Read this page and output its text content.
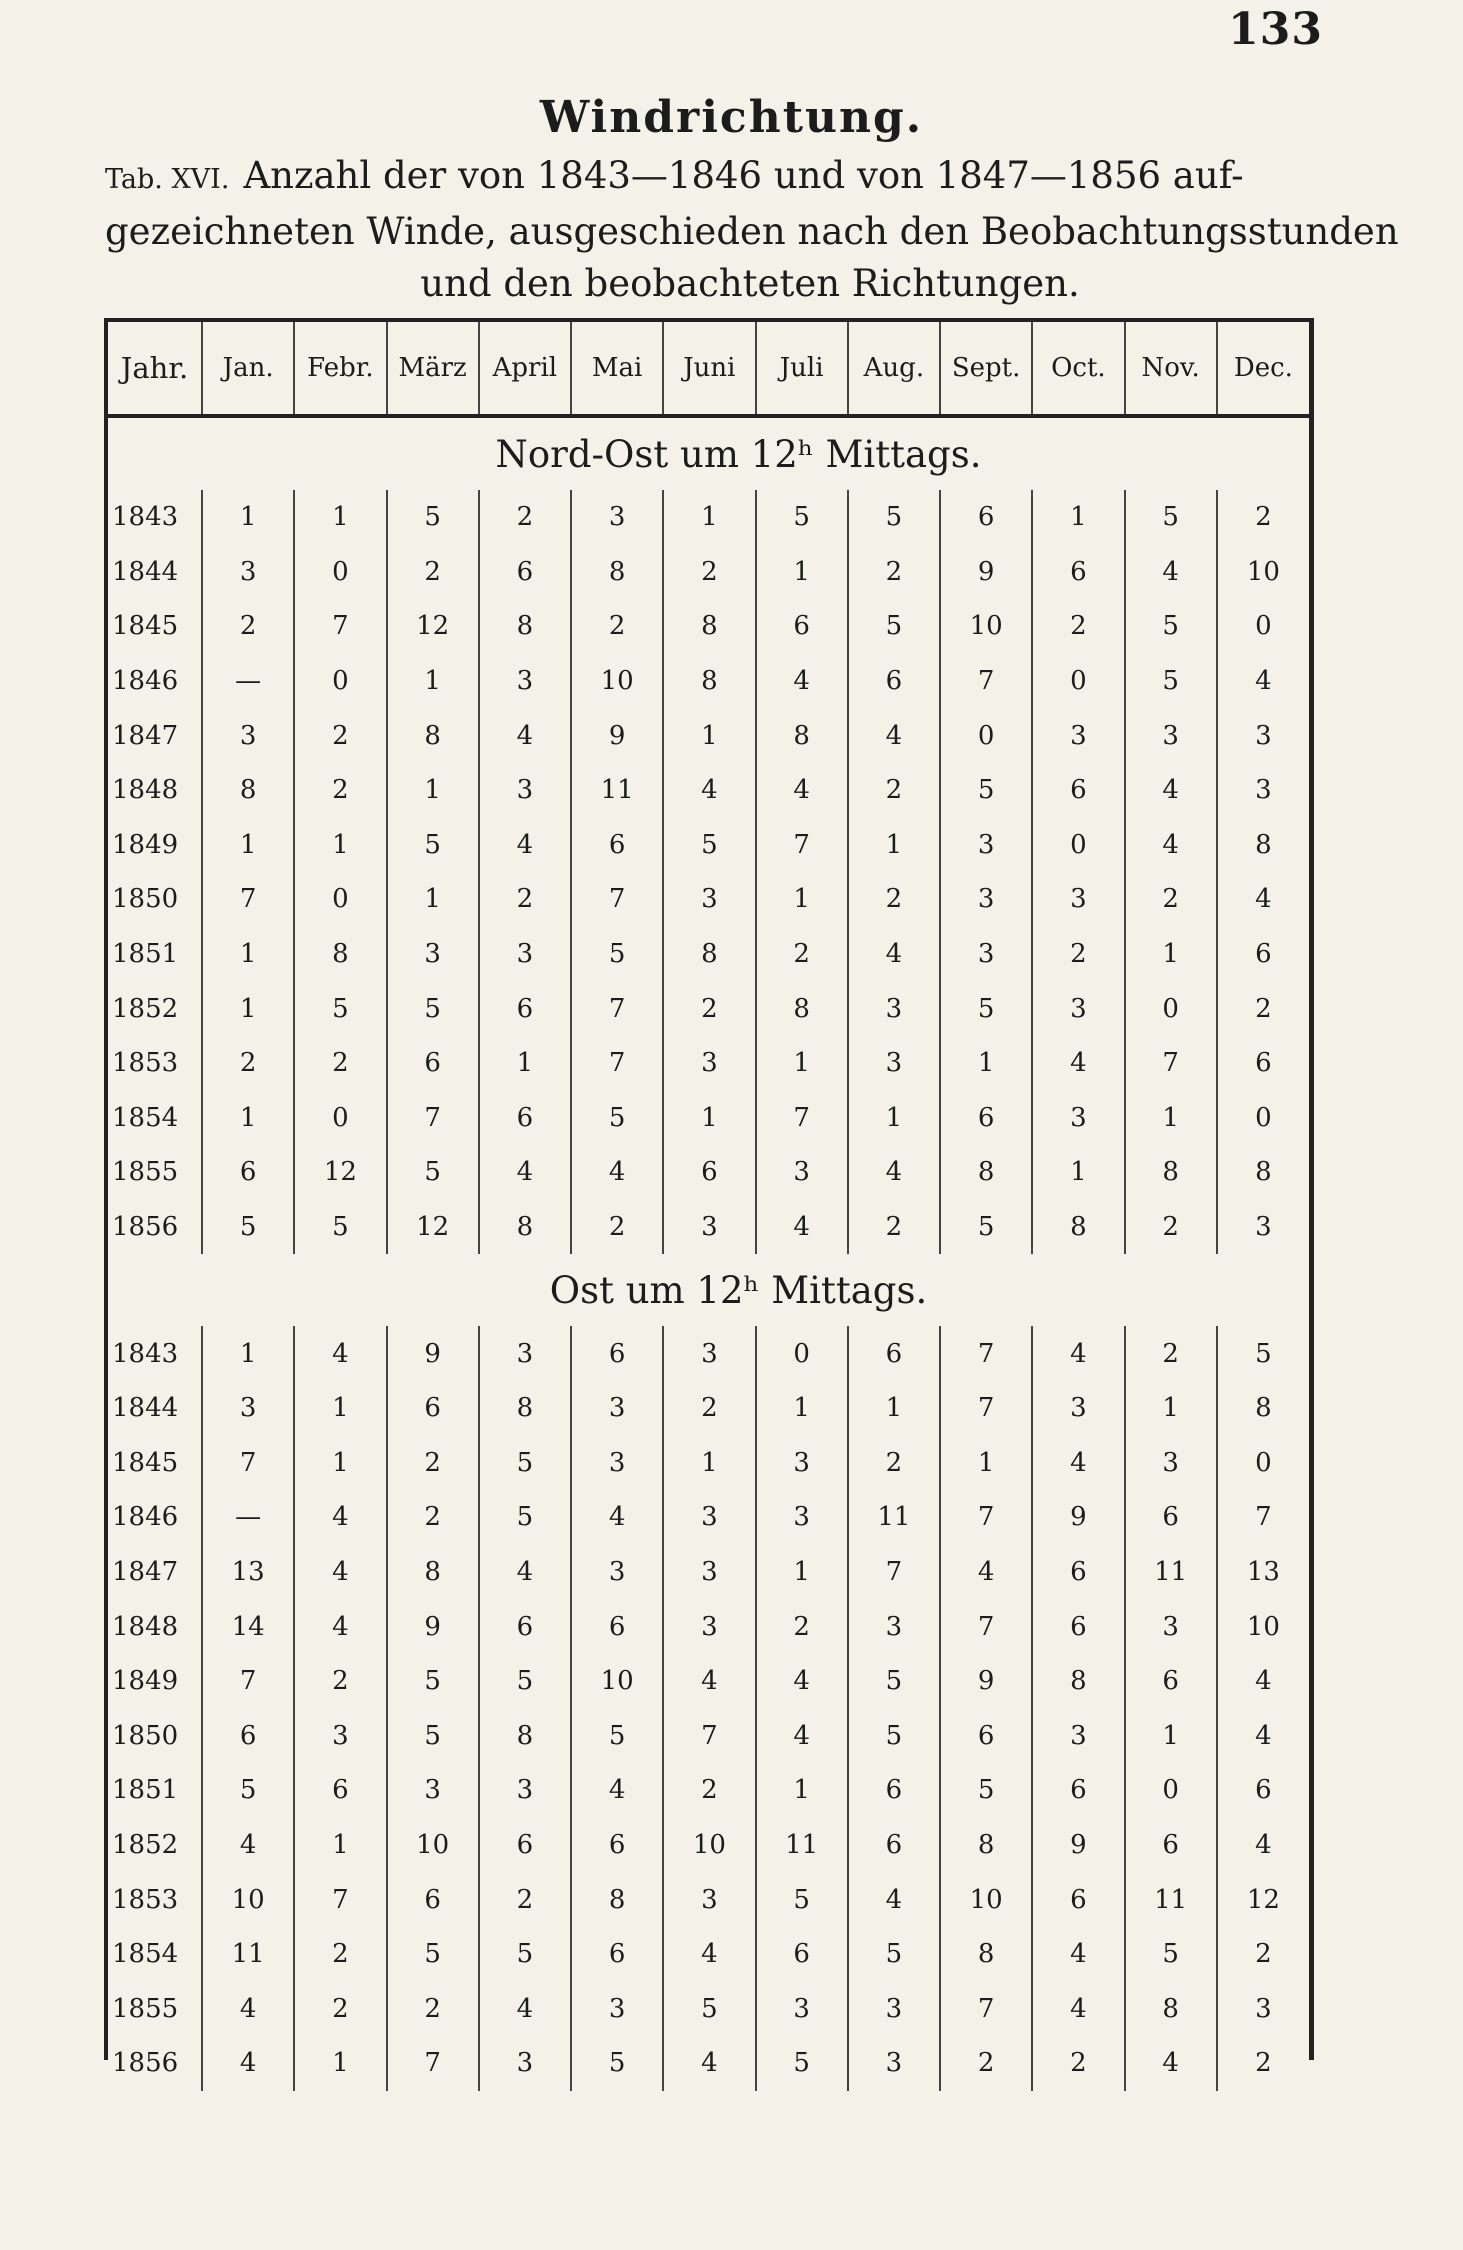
133
Windrichtung.
Tab. XVI. Anzahl der von 1843—1846 und von 1847—1856 auf-
gezeichneten Winde, ausgeschieden nach den Beobachtungsstunden
und den beobachteten Richtungen.
Jahr.	Jan.	Febr.	März	April	Mai	Juni	Juli	Aug.	Sept.	Oct.	Nov.	Dec.
Nord-Ost um 12ʰ Mittags.												
1843	1	1	5	2	3	1	5	5	6	1	5	2
1844	3	0	2	6	8	2	1	2	9	6	4	10
1845	2	7	12	8	2	8	6	5	10	2	5	0
1846	—	0	1	3	10	8	4	6	7	0	5	4
1847	3	2	8	4	9	1	8	4	0	3	3	3
1848	8	2	1	3	11	4	4	2	5	6	4	3
1849	1	1	5	4	6	5	7	1	3	0	4	8
1850	7	0	1	2	7	3	1	2	3	3	2	4
1851	1	8	3	3	5	8	2	4	3	2	1	6
1852	1	5	5	6	7	2	8	3	5	3	0	2
1853	2	2	6	1	7	3	1	3	1	4	7	6
1854	1	0	7	6	5	1	7	1	6	3	1	0
1855	6	12	5	4	4	6	3	4	8	1	8	8
1856	5	5	12	8	2	3	4	2	5	8	2	3
Ost um 12ʰ Mittags.												
1843	1	4	9	3	6	3	0	6	7	4	2	5
1844	3	1	6	8	3	2	1	1	7	3	1	8
1845	7	1	2	5	3	1	3	2	1	4	3	0
1846	—	4	2	5	4	3	3	11	7	9	6	7
1847	13	4	8	4	3	3	1	7	4	6	11	13
1848	14	4	9	6	6	3	2	3	7	6	3	10
1849	7	2	5	5	10	4	4	5	9	8	6	4
1850	6	3	5	8	5	7	4	5	6	3	1	4
1851	5	6	3	3	4	2	1	6	5	6	0	6
1852	4	1	10	6	6	10	11	6	8	9	6	4
1853	10	7	6	2	8	3	5	4	10	6	11	12
1854	11	2	5	5	6	4	6	5	8	4	5	2
1855	4	2	2	4	3	5	3	3	7	4	8	3
1856	4	1	7	3	5	4	5	3	2	2	4	2
